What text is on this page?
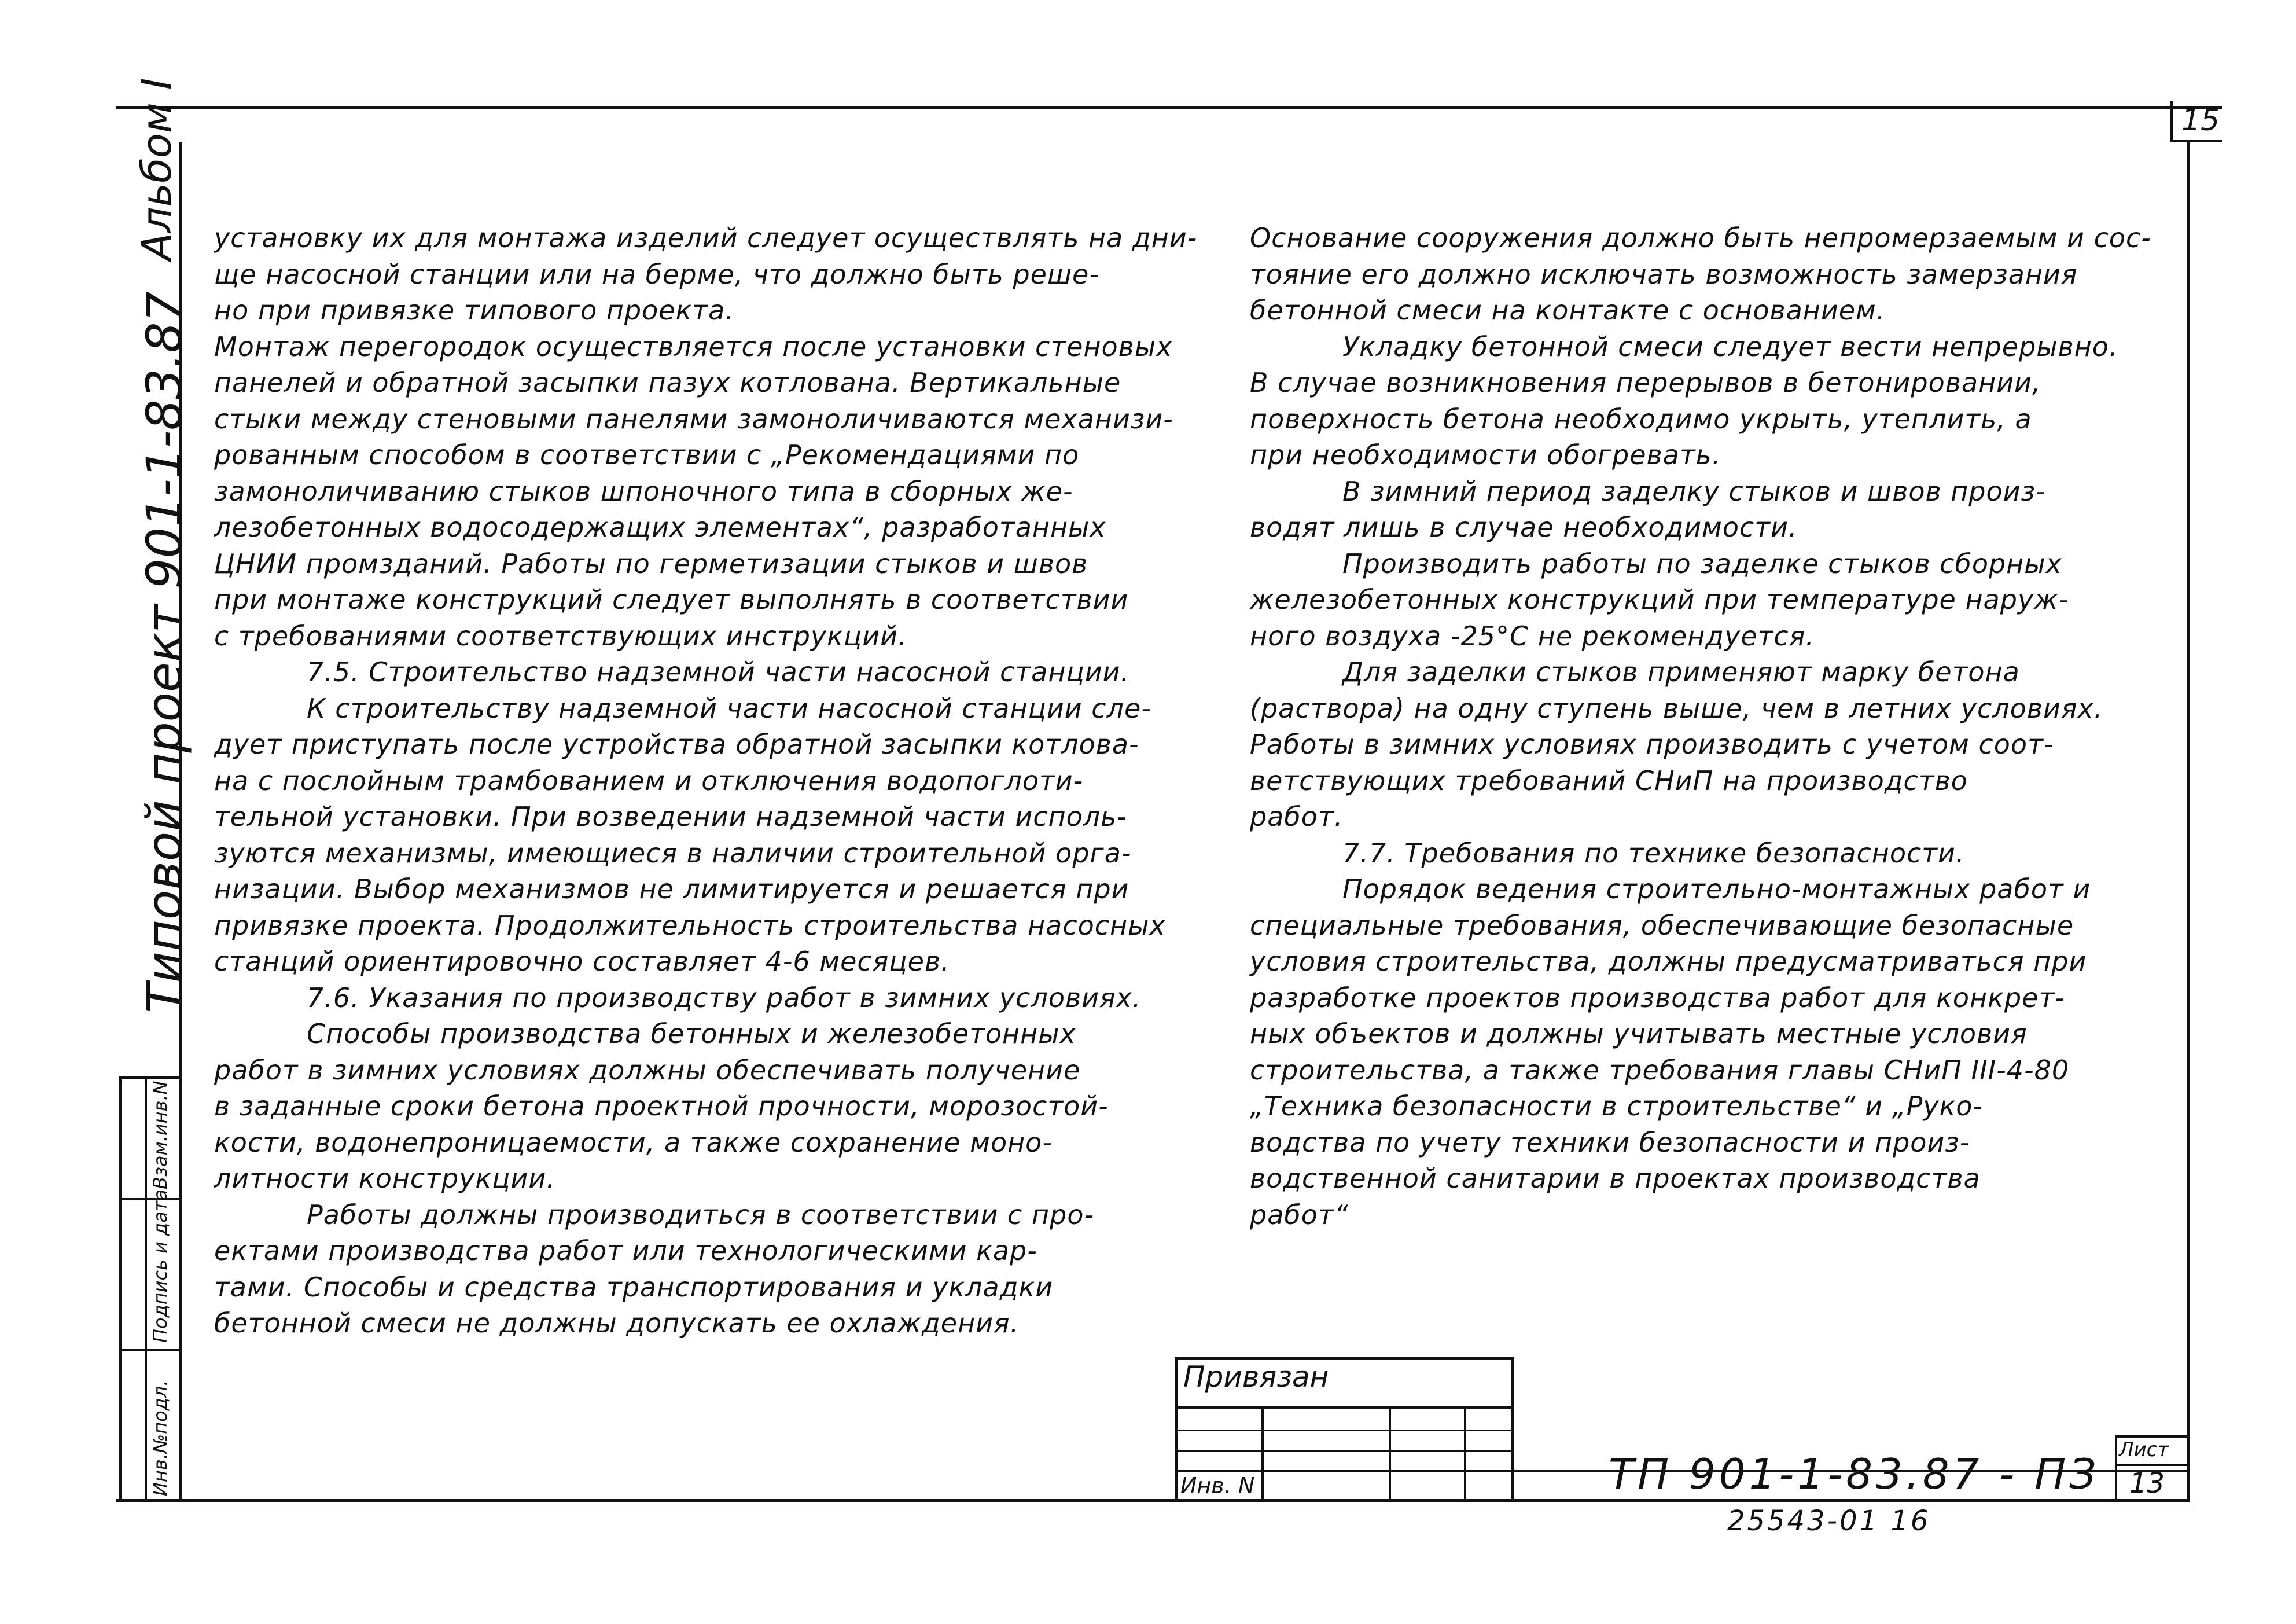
15
Типовой проект 901-1-83.87
Альбом I
Взам.инв.N
Подпись и дата
Инв.№подл.

установку их для монтажа изделий следует осуществлять на дни-

ще насосной станции или на берме, что должно быть реше-

но при привязке типового проекта.

Монтаж перегородок осуществляется после установки стеновых

панелей и обратной засыпки пазух котлована. Вертикальные

стыки между стеновыми панелями замоноличиваются механизи-

рованным способом в соответствии с „Рекомендациями по

замоноличиванию стыков шпоночного типа в сборных же-

лезобетонных водосодержащих элементах“, разработанных

ЦНИИ промзданий. Работы по герметизации стыков и швов

при монтаже конструкций следует выполнять в соответствии

с требованиями соответствующих инструкций.

7.5. Строительство надземной части насосной станции.

К строительству надземной части насосной станции сле-

дует приступать после устройства обратной засыпки котлова-

на с послойным трамбованием и отключения водопоглоти-

тельной установки. При возведении надземной части исполь-

зуются механизмы, имеющиеся в наличии строительной орга-

низации. Выбор механизмов не лимитируется и решается при

привязке проекта. Продолжительность строительства насосных

станций ориентировочно составляет 4-6 месяцев.

7.6. Указания по производству работ в зимних условиях.

Способы производства бетонных и железобетонных

работ в зимних условиях должны обеспечивать получение

в заданные сроки бетона проектной прочности, морозостой-

кости, водонепроницаемости, а также сохранение моно-

литности конструкции.

Работы должны производиться в соответствии с про-

ектами производства работ или технологическими кар-

тами. Способы и средства транспортирования и укладки

бетонной смеси не должны допускать ее охлаждения.

Основание сооружения должно быть непромерзаемым и сос-

тояние его должно исключать возможность замерзания

бетонной смеси на контакте с основанием.

Укладку бетонной смеси следует вести непрерывно.

В случае возникновения перерывов в бетонировании,

поверхность бетона необходимо укрыть, утеплить, а

при необходимости обогревать.

В зимний период заделку стыков и швов произ-

водят лишь в случае необходимости.

Производить работы по заделке стыков сборных

железобетонных конструкций при температуре наруж-

ного воздуха -25°С не рекомендуется.

Для заделки стыков применяют марку бетона

(раствора) на одну ступень выше, чем в летних условиях.

Работы в зимних условиях производить с учетом соот-

ветствующих требований СНиП на производство

работ.

7.7. Требования по технике безопасности.

Порядок ведения строительно-монтажных работ и

специальные требования, обеспечивающие безопасные

условия строительства, должны предусматриваться при

разработке проектов производства работ для конкрет-

ных объектов и должны учитывать местные условия

строительства, а также требования главы СНиП III-4-80

„Техника безопасности в строительстве“ и „Руко-

водства по учету техники безопасности и произ-

водственной санитарии в проектах производства

работ“

Привязан
Инв. N	ТП 901-1-83.87 - ПЗ Лист
13
25543-01 16
